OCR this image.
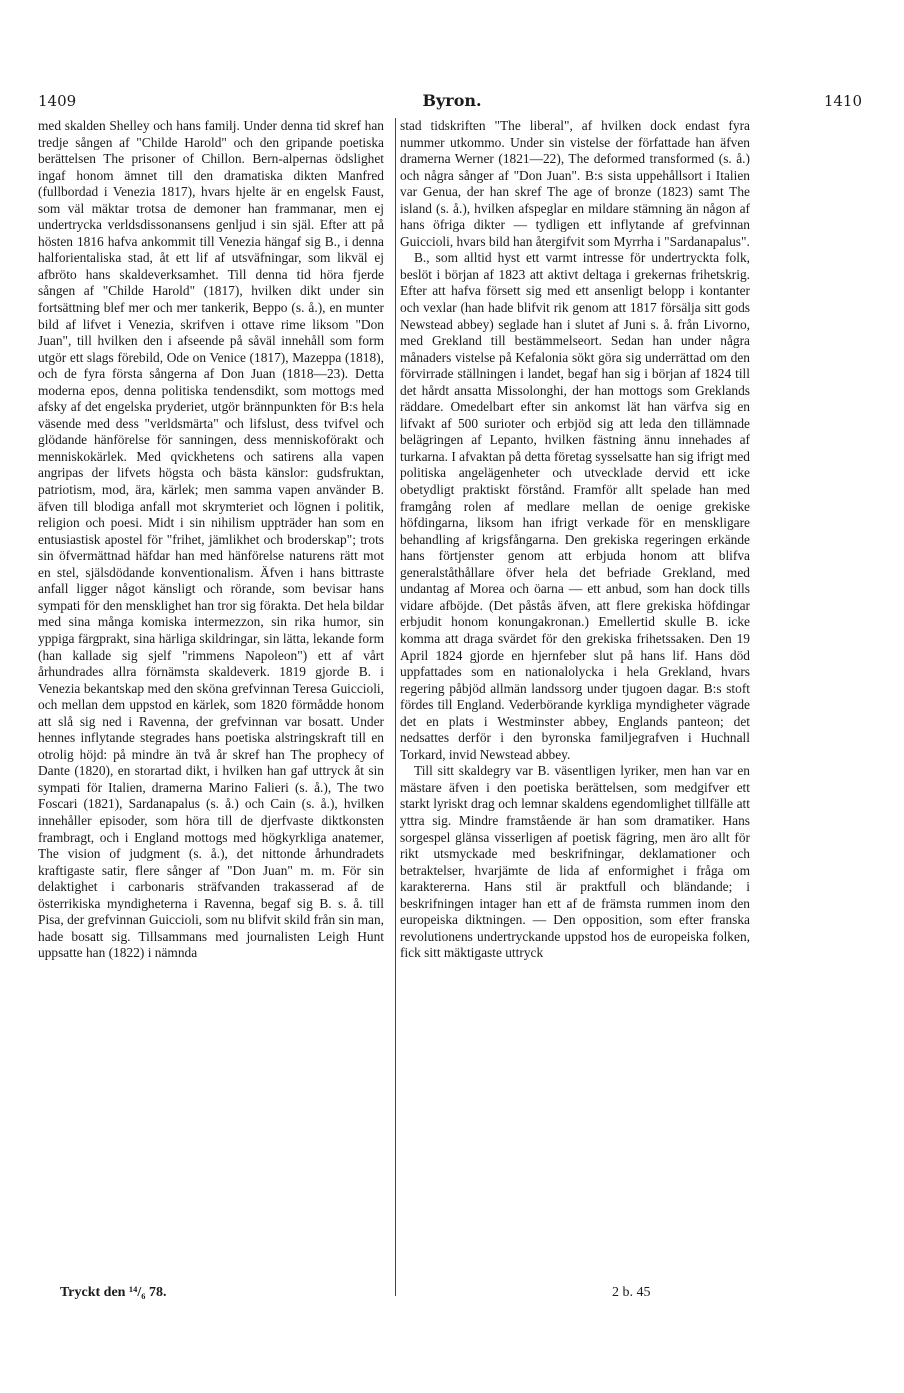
1409	Byron.	1410

med skalden Shelley och hans familj. Under denna tid skref han tredje sången af "Childe Harold" och den gripande poetiska berättelsen The prisoner of Chillon. Bern-alpernas ödslighet ingaf honom ämnet till den dramatiska dikten Manfred (fullbordad i Venezia 1817), hvars hjelte är en engelsk Faust, som väl mäktar trotsa de demoner han frammanar, men ej undertrycka verldsdissonansens genljud i sin själ. Efter att på hösten 1816 hafva ankommit till Venezia hängaf sig B., i denna halforientaliska stad, åt ett lif af utsväfningar, som likväl ej afbröto hans skaldeverksamhet. Till denna tid höra fjerde sången af "Childe Harold" (1817), hvilken dikt under sin fortsättning blef mer och mer tankerik, Beppo (s. å.), en munter bild af lifvet i Venezia, skrifven i ottave rime liksom "Don Juan", till hvilken den i afseende på såväl innehåll som form utgör ett slags förebild, Ode on Venice (1817), Mazeppa (1818), och de fyra första sångerna af Don Juan (1818—23). Detta moderna epos, denna politiska tendensdikt, som mottogs med afsky af det engelska pryderiet, utgör brännpunkten för B:s hela väsende med dess "verldsmärta" och lifslust, dess tvifvel och glödande hänförelse för sanningen, dess menniskoförakt och menniskokärlek. Med qvickhetens och satirens alla vapen angripas der lifvets högsta och bästa känslor: gudsfruktan, patriotism, mod, ära, kärlek; men samma vapen använder B. äfven till blodiga anfall mot skrymteriet och lögnen i politik, religion och poesi. Midt i sin nihilism uppträder han som en entusiastisk apostel för "frihet, jämlikhet och broderskap"; trots sin öfvermättnad häfdar han med hänförelse naturens rätt mot en stel, själsdödande konventionalism. Äfven i hans bittraste anfall ligger något känsligt och rörande, som bevisar hans sympati för den mensklighet han tror sig förakta. Det hela bildar med sina många komiska intermezzon, sin rika humor, sin yppiga färgprakt, sina härliga skildringar, sin lätta, lekande form (han kallade sig sjelf "rimmens Napoleon") ett af vårt århundrades allra förnämsta skaldeverk. 1819 gjorde B. i Venezia bekantskap med den sköna grefvinnan Teresa Guiccioli, och mellan dem uppstod en kärlek, som 1820 förmådde honom att slå sig ned i Ravenna, der grefvinnan var bosatt. Under hennes inflytande stegrades hans poetiska alstringskraft till en otrolig höjd: på mindre än två år skref han The prophecy of Dante (1820), en storartad dikt, i hvilken han gaf uttryck åt sin sympati för Italien, dramerna Marino Falieri (s. å.), The two Foscari (1821), Sardanapalus (s. å.) och Cain (s. å.), hvilken innehåller episoder, som höra till de djerfvaste diktkonsten frambragt, och i England mottogs med högkyrkliga anatemer, The vision of judgment (s. å.), det nittonde århundradets kraftigaste satir, flere sånger af "Don Juan" m. m. För sin delaktighet i carbonaris sträfvanden trakasserad af de österrikiska myndigheterna i Ravenna, begaf sig B. s. å. till Pisa, der grefvinnan Guiccioli, som nu blifvit skild från sin man, hade bosatt sig. Tillsammans med journalisten Leigh Hunt uppsatte han (1822) i nämnda

stad tidskriften "The liberal", af hvilken dock endast fyra nummer utkommo. Under sin vistelse der författade han äfven dramerna Werner (1821—22), The deformed transformed (s. å.) och några sånger af "Don Juan". B:s sista uppehållsort i Italien var Genua, der han skref The age of bronze (1823) samt The island (s. å.), hvilken afspeglar en mildare stämning än någon af hans öfriga dikter — tydligen ett inflytande af grefvinnan Guiccioli, hvars bild han återgifvit som Myrrha i "Sardanapalus".

B., som alltid hyst ett varmt intresse för undertryckta folk, beslöt i början af 1823 att aktivt deltaga i grekernas frihetskrig. Efter att hafva försett sig med ett ansenligt belopp i kontanter och vexlar (han hade blifvit rik genom att 1817 försälja sitt gods Newstead abbey) seglade han i slutet af Juni s. å. från Livorno, med Grekland till bestämmelseort. Sedan han under några månaders vistelse på Kefalonia sökt göra sig underrättad om den förvirrade ställningen i landet, begaf han sig i början af 1824 till det hårdt ansatta Missolonghi, der han mottogs som Greklands räddare. Omedelbart efter sin ankomst lät han värfva sig en lifvakt af 500 surioter och erbjöd sig att leda den tillämnade belägringen af Lepanto, hvilken fästning ännu innehades af turkarna. I afvaktan på detta företag sysselsatte han sig ifrigt med politiska angelägenheter och utvecklade dervid ett icke obetydligt praktiskt förstånd. Framför allt spelade han med framgång rolen af medlare mellan de oenige grekiske höfdingarna, liksom han ifrigt verkade för en menskligare behandling af krigsfångarna. Den grekiska regeringen erkände hans förtjenster genom att erbjuda honom att blifva generalståthållare öfver hela det befriade Grekland, med undantag af Morea och öarna — ett anbud, som han dock tills vidare afböjde. (Det påstås äfven, att flere grekiska höfdingar erbjudit honom konungakronan.) Emellertid skulle B. icke komma att draga svärdet för den grekiska frihetssaken. Den 19 April 1824 gjorde en hjernfeber slut på hans lif. Hans död uppfattades som en nationalolycka i hela Grekland, hvars regering påbjöd allmän landssorg under tjugoen dagar. B:s stoft fördes till England. Vederbörande kyrkliga myndigheter vägrade det en plats i Westminster abbey, Englands panteon; det nedsattes derför i den byronska familjegrafven i Huchnall Torkard, invid Newstead abbey.

Till sitt skaldegry var B. väsentligen lyriker, men han var en mästare äfven i den poetiska berättelsen, som medgifver ett starkt lyriskt drag och lemnar skaldens egendomlighet tillfälle att yttra sig. Mindre framstående är han som dramatiker. Hans sorgespel glänsa visserligen af poetisk fägring, men äro allt för rikt utsmyckade med beskrifningar, deklamationer och betraktelser, hvarjämte de lida af enformighet i fråga om karaktererna. Hans stil är praktfull och bländande; i beskrifningen intager han ett af de främsta rummen inom den europeiska diktningen. — Den opposition, som efter franska revolutionens undertryckande uppstod hos de europeiska folken, fick sitt mäktigaste uttryck

Tryckt den ¹⁴/₆ 78.	2 b. 45
